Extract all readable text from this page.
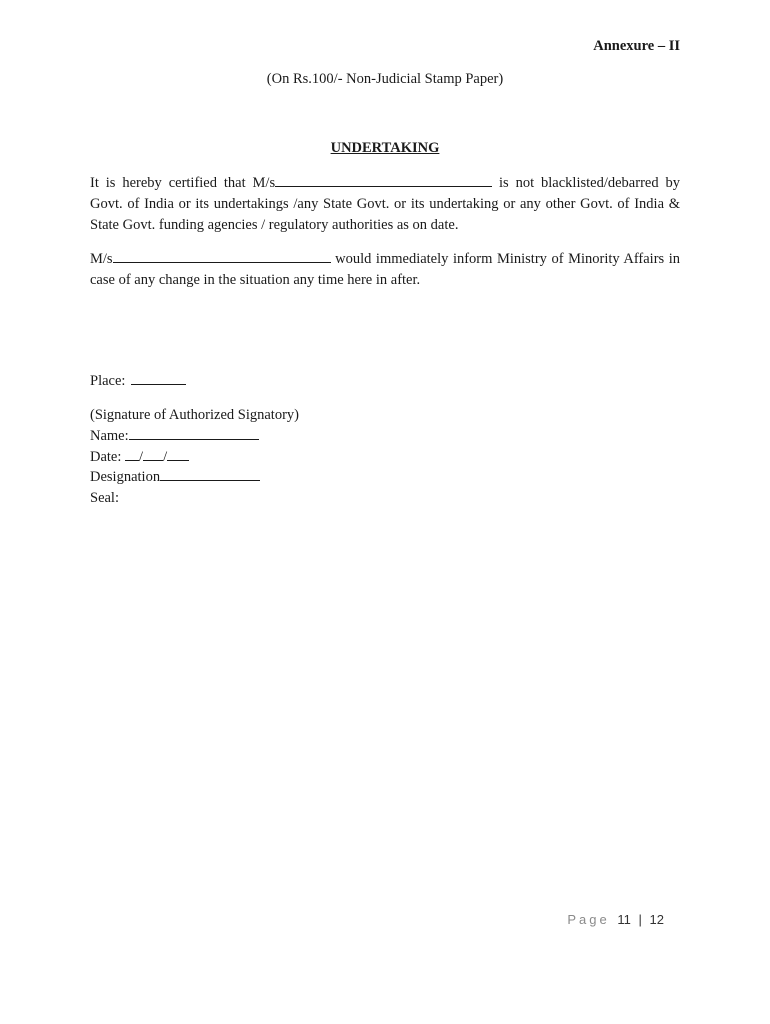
Annexure – II
(On Rs.100/- Non-Judicial Stamp Paper)
UNDERTAKING
It is hereby certified that M/s	is not blacklisted/debarred by Govt. of India or its undertakings /any State Govt. or its undertaking or any other Govt. of India & State Govt. funding agencies / regulatory authorities as on date.
M/s	would immediately inform Ministry of Minority Affairs in case of any change in the situation any time here in after.
Place:
(Signature of Authorized Signatory)
Name:
Date: / /
Designation
Seal:
Page 11 | 12
